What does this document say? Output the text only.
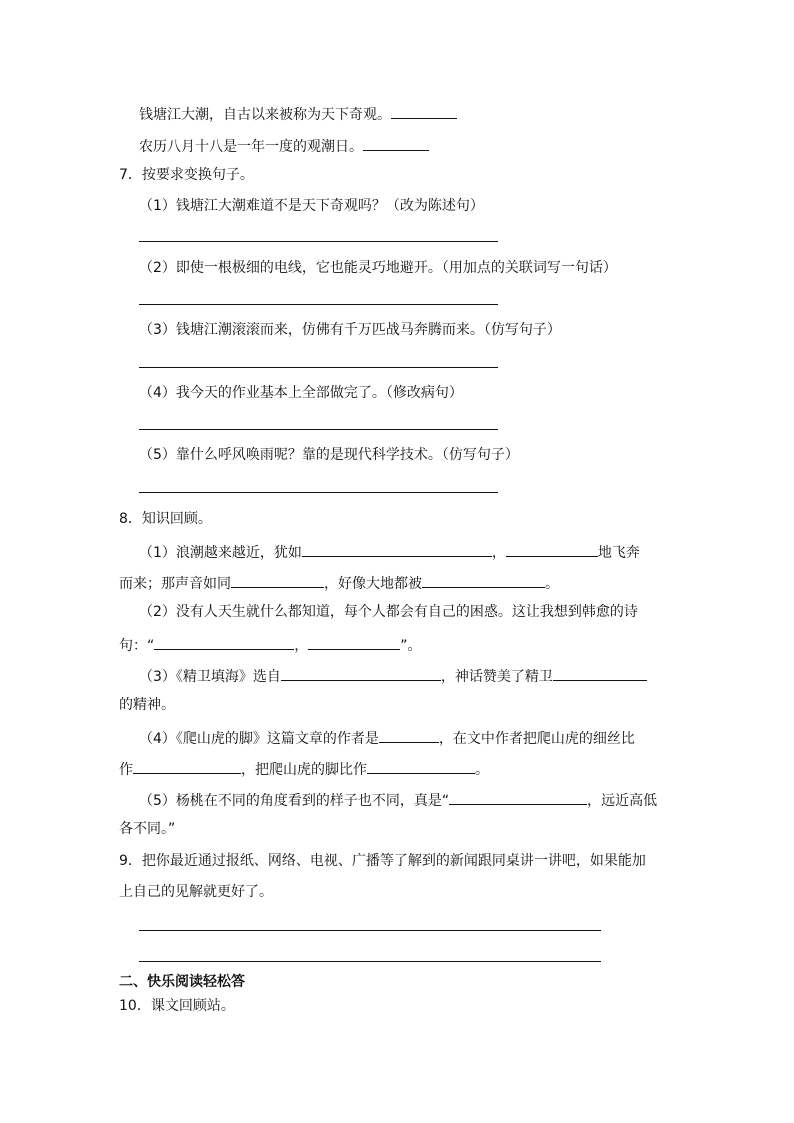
钱塘江大潮，自古以来被称为天下奇观。
农历八月十八是一年一度的观潮日。
7．按要求变换句子。
（1）钱塘江大潮难道不是天下奇观吗？（改为陈述句）
（2）即使一根极细的电线，它也能灵巧地避开。（用加点的关联词写一句话）
（3）钱塘江潮滚滚而来，仿佛有千万匹战马奔腾而来。（仿写句子）
（4）我今天的作业基本上全部做完了。（修改病句）
（5）靠什么呼风唤雨呢？靠的是现代科学技术。（仿写句子）
8．知识回顾。
（1）浪潮越来越近，犹如	，	地飞奔
而来；那声音如同	，好像大地都被	。
（2）没有人天生就什么都知道，每个人都会有自己的困惑。这让我想到韩愈的诗
句：“	，	”。
（3）《精卫填海》选自	，神话赞美了精卫
的精神。
（4）《爬山虎的脚》这篇文章的作者是	，在文中作者把爬山虎的细丝比
作	，把爬山虎的脚比作	。
（5）杨桃在不同的角度看到的样子也不同，真是“	，远近高低
各不同。”
9．把你最近通过报纸、网络、电视、广播等了解到的新闻跟同桌讲一讲吧，如果能加
上自己的见解就更好了。
二、快乐阅读轻松答
10．课文回顾站。
